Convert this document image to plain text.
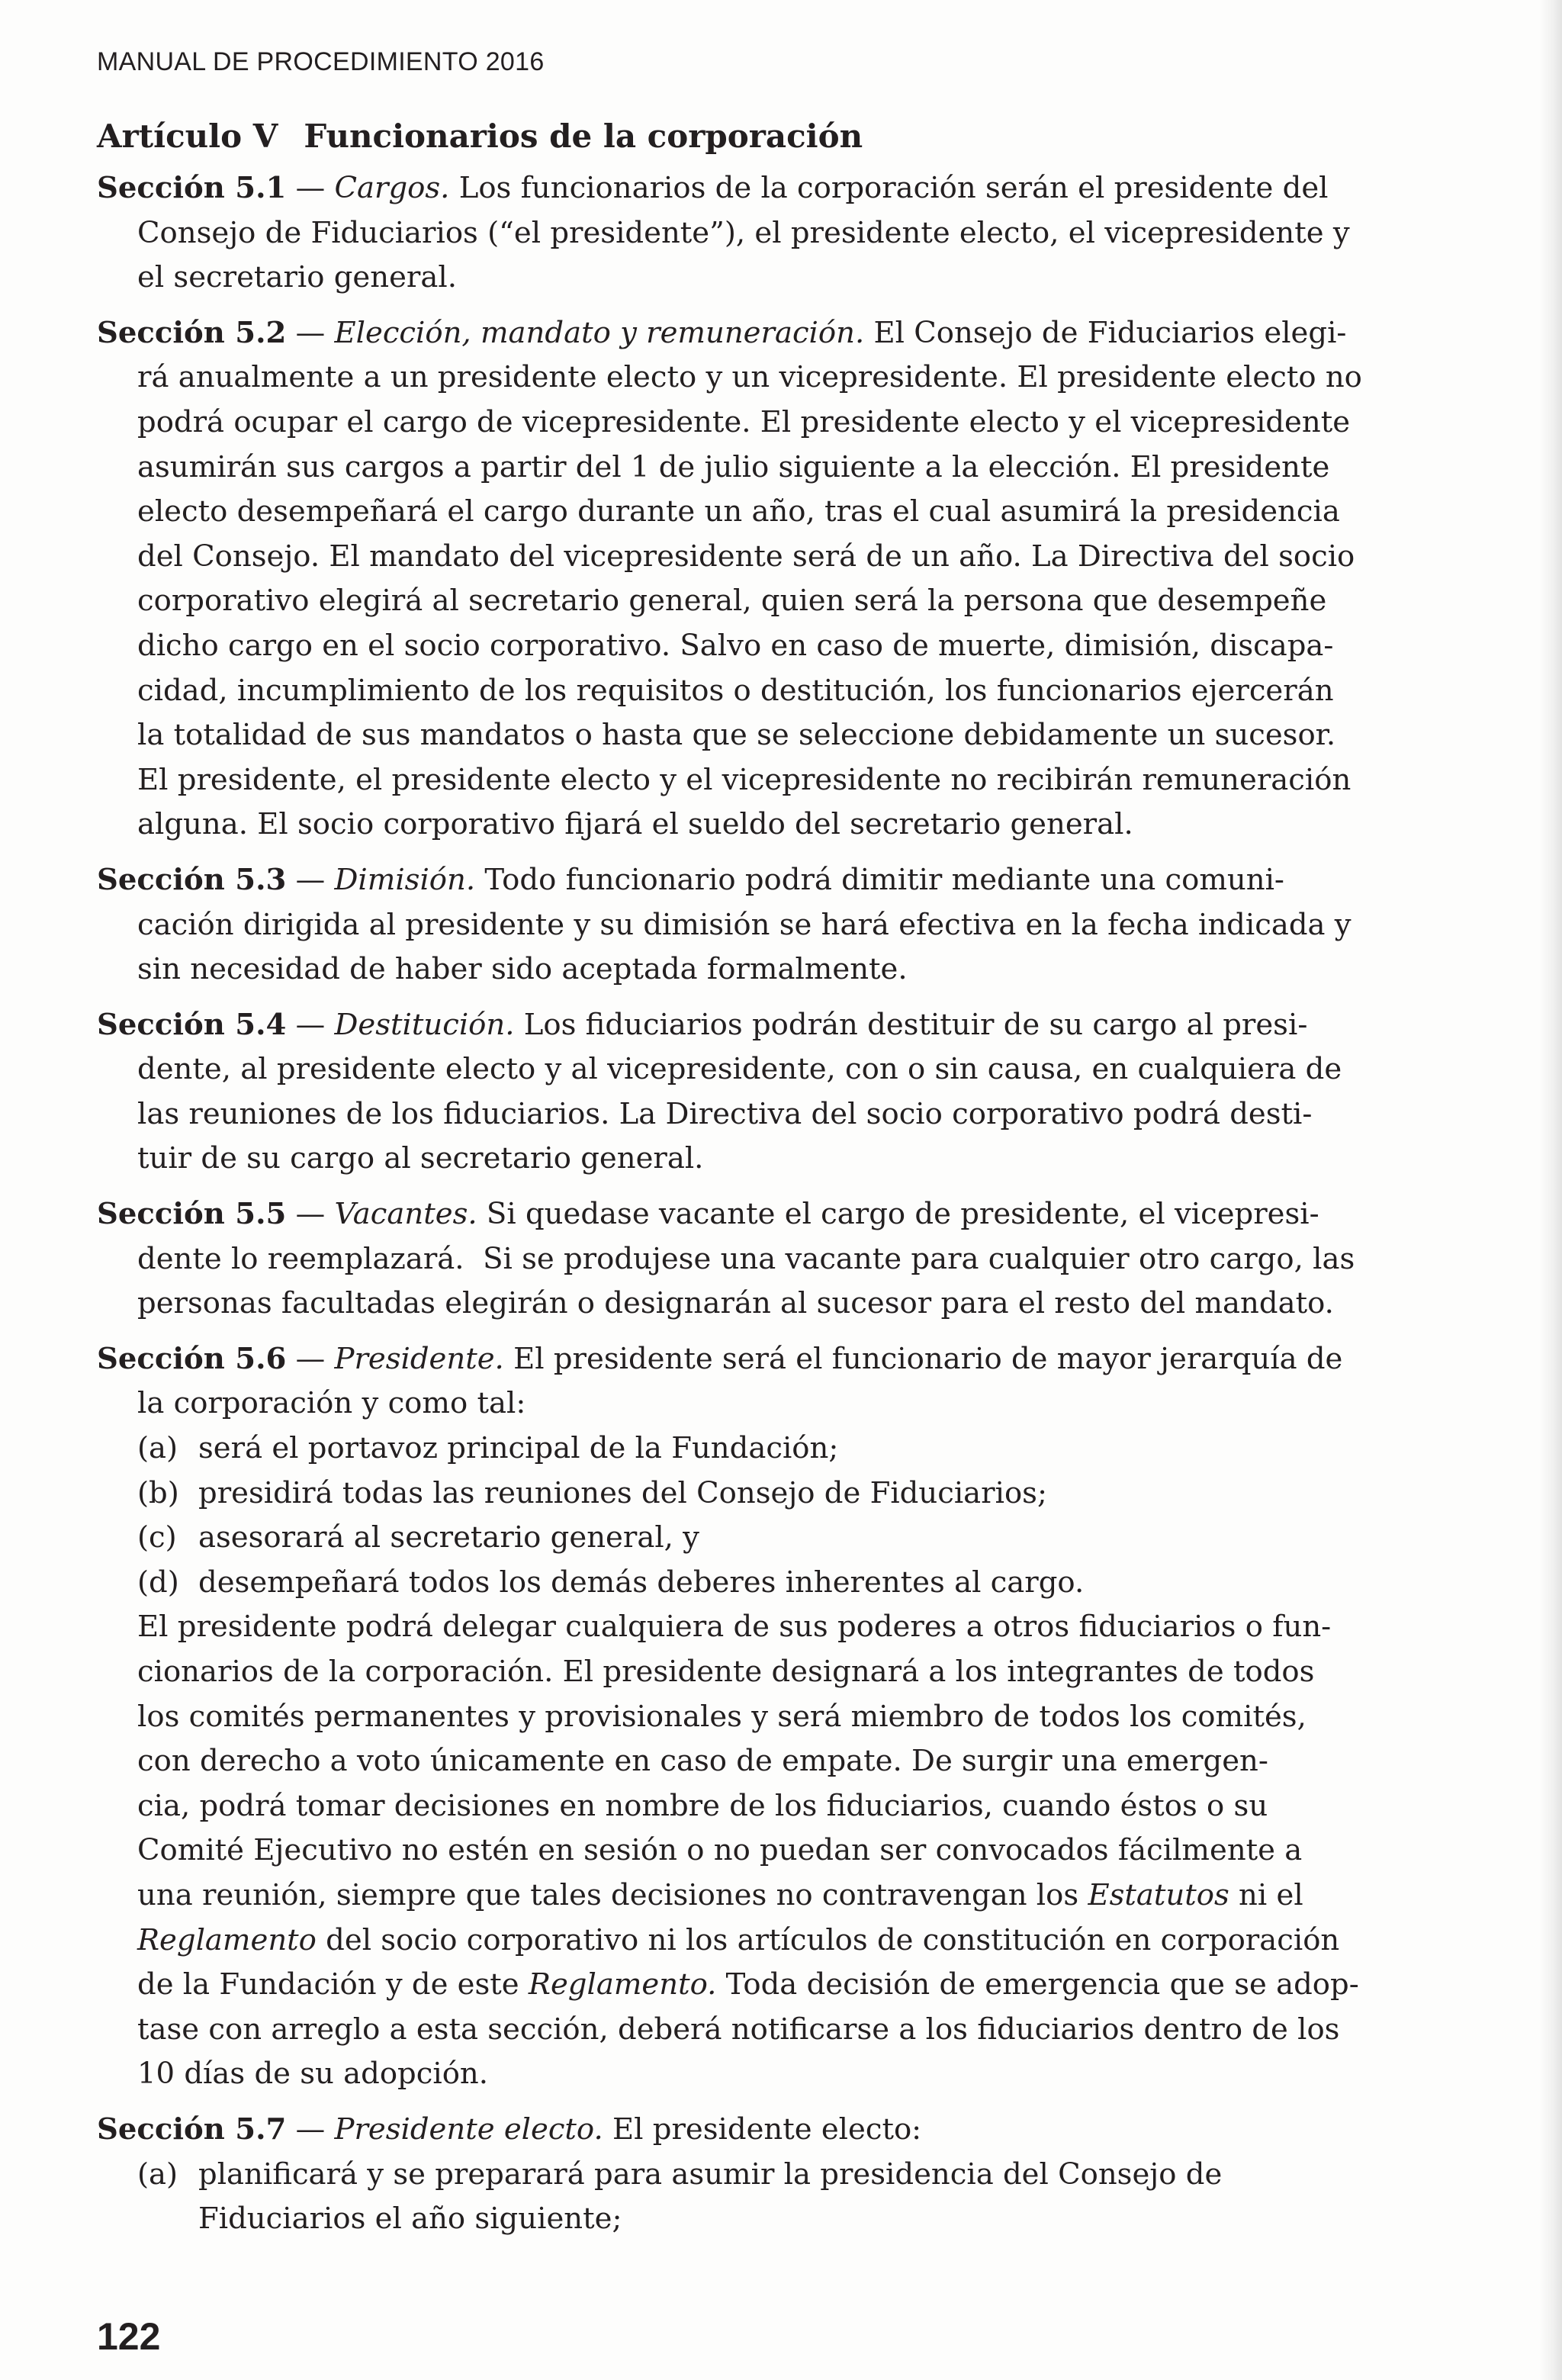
MANUAL DE PROCEDIMIENTO 2016
Artículo V Funcionarios de la corporación
Sección 5.1 — Cargos. Los funcionarios de la corporación serán el presidente del
Consejo de Fiduciarios (“el presidente”), el presidente electo, el vicepresidente y
el secretario general.
Sección 5.2 — Elección, mandato y remuneración. El Consejo de Fiduciarios elegi-
rá anualmente a un presidente electo y un vicepresidente. El presidente electo no
podrá ocupar el cargo de vicepresidente. El presidente electo y el vicepresidente
asumirán sus cargos a partir del 1 de julio siguiente a la elección. El presidente
electo desempeñará el cargo durante un año, tras el cual asumirá la presidencia
del Consejo. El mandato del vicepresidente será de un año. La Directiva del socio
corporativo elegirá al secretario general, quien será la persona que desempeñe
dicho cargo en el socio corporativo. Salvo en caso de muerte, dimisión, discapa-
cidad, incumplimiento de los requisitos o destitución, los funcionarios ejercerán
la totalidad de sus mandatos o hasta que se seleccione debidamente un sucesor.
El presidente, el presidente electo y el vicepresidente no recibirán remuneración
alguna. El socio corporativo fijará el sueldo del secretario general.
Sección 5.3 — Dimisión. Todo funcionario podrá dimitir mediante una comuni-
cación dirigida al presidente y su dimisión se hará efectiva en la fecha indicada y
sin necesidad de haber sido aceptada formalmente.
Sección 5.4 — Destitución. Los fiduciarios podrán destituir de su cargo al presi-
dente, al presidente electo y al vicepresidente, con o sin causa, en cualquiera de
las reuniones de los fiduciarios. La Directiva del socio corporativo podrá desti-
tuir de su cargo al secretario general.
Sección 5.5 — Vacantes. Si quedase vacante el cargo de presidente, el vicepresi-
dente lo reemplazará.  Si se produjese una vacante para cualquier otro cargo, las
personas facultadas elegirán o designarán al sucesor para el resto del mandato.
Sección 5.6 — Presidente. El presidente será el funcionario de mayor jerarquía de
la corporación y como tal:
(a) será el portavoz principal de la Fundación;
(b) presidirá todas las reuniones del Consejo de Fiduciarios;
(c) asesorará al secretario general, y
(d) desempeñará todos los demás deberes inherentes al cargo.
El presidente podrá delegar cualquiera de sus poderes a otros fiduciarios o fun-
cionarios de la corporación. El presidente designará a los integrantes de todos
los comités permanentes y provisionales y será miembro de todos los comités,
con derecho a voto únicamente en caso de empate. De surgir una emergen-
cia, podrá tomar decisiones en nombre de los fiduciarios, cuando éstos o su
Comité Ejecutivo no estén en sesión o no puedan ser convocados fácilmente a
una reunión, siempre que tales decisiones no contravengan los Estatutos ni el
Reglamento del socio corporativo ni los artículos de constitución en corporación
de la Fundación y de este Reglamento. Toda decisión de emergencia que se adop-
tase con arreglo a esta sección, deberá notificarse a los fiduciarios dentro de los
10 días de su adopción.
Sección 5.7 — Presidente electo. El presidente electo:
(a) planificará y se preparará para asumir la presidencia del Consejo de
Fiduciarios el año siguiente;
122
